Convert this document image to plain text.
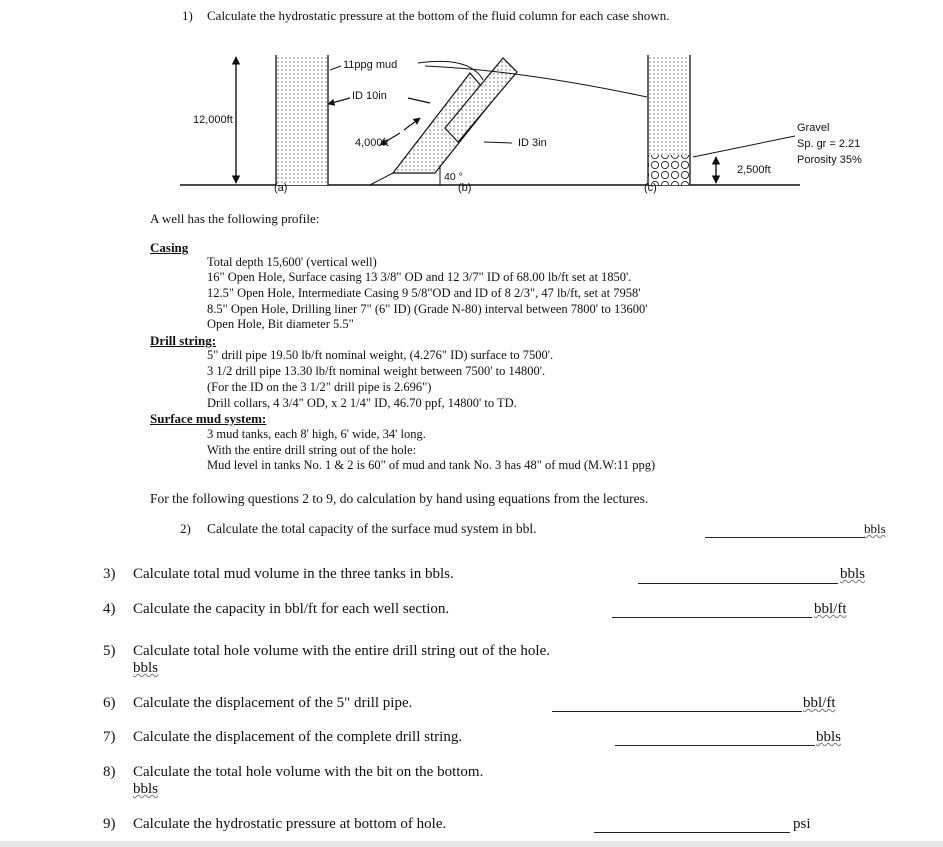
1) Calculate the hydrostatic pressure at the bottom of the fluid column for each case shown.
11ppg mud
ID 10in
12,000ft
4,000ft	ID 3in
40 °
(a)	(b)	(c)
Gravel
Sp. gr = 2.21
Porosity 35%
2,500ft
A well has the following profile:
Casing
Total depth 15,600' (vertical well)
16" Open Hole, Surface casing 13 3/8" OD and 12 3/7" ID of 68.00 lb/ft set at 1850'.
12.5" Open Hole, Intermediate Casing 9 5/8"OD and ID of 8 2/3", 47 lb/ft, set at 7958'
8.5" Open Hole, Drilling liner 7" (6" ID) (Grade N-80) interval between 7800' to 13600'
Open Hole, Bit diameter 5.5"
Drill string:
5" drill pipe 19.50 lb/ft nominal weight, (4.276" ID) surface to 7500'.
3 1/2 drill pipe 13.30 lb/ft nominal weight between 7500' to 14800'.
(For the ID on the 3 1/2" drill pipe is 2.696")
Drill collars, 4 3/4" OD, x 2 1/4" ID, 46.70 ppf, 14800' to TD.
Surface mud system:
3 mud tanks, each 8' high, 6' wide, 34' long.
With the entire drill string out of the hole:
Mud level in tanks No. 1 & 2 is 60" of mud and tank No. 3 has 48" of mud (M.W:11 ppg)
For the following questions 2 to 9, do calculation by hand using equations from the lectures.
2) Calculate the total capacity of the surface mud system in bbl.	bbls
3) Calculate total mud volume in the three tanks in bbls.	bbls
4) Calculate the capacity in bbl/ft for each well section.	bbl/ft
5) Calculate total hole volume with the entire drill string out of the hole.
bbls
6) Calculate the displacement of the 5" drill pipe.	bbl/ft
7) Calculate the displacement of the complete drill string.	bbls
8) Calculate the total hole volume with the bit on the bottom.
bbls
9) Calculate the hydrostatic pressure at bottom of hole.	psi
